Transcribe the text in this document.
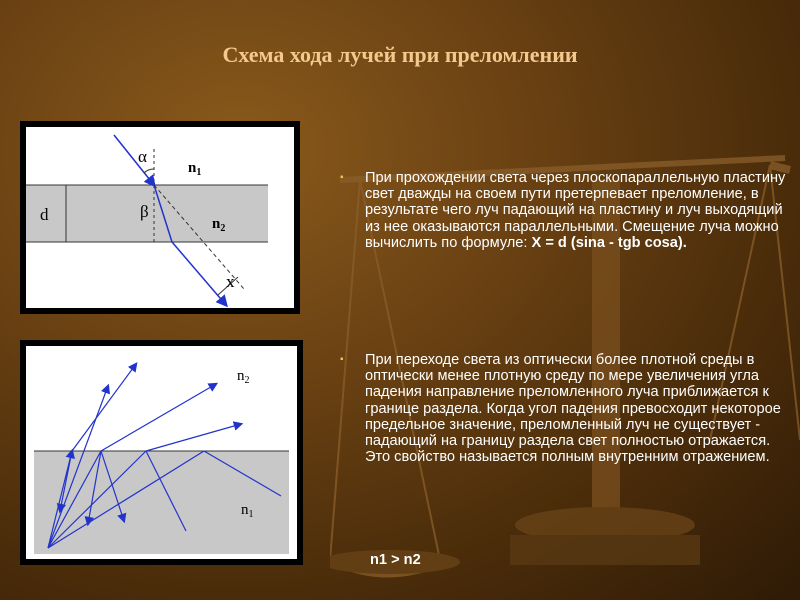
Схема хода лучей при преломлении
α
β
$n_1$
$n_2$
d
x
$n_2$
$n_1$
▪ При прохождении света через плоскопараллельную пластину свет дважды на своем пути претерпевает преломление, в результате чего луч падающий на пластину и луч выходящий из нее оказываются параллельными. Смещение луча можно вычислить по формуле: X = d (sinа - tgb cosа).
▪ При переходе света из оптически более плотной среды в оптически менее плотную среду по мере увеличения угла падения направление преломленного луча приближается к границе раздела. Когда угол падения превосходит некоторое предельное значение, преломленный луч не существует - падающий на границу раздела свет полностью отражается. Это свойство называется полным внутренним отражением.
n1 > n2
